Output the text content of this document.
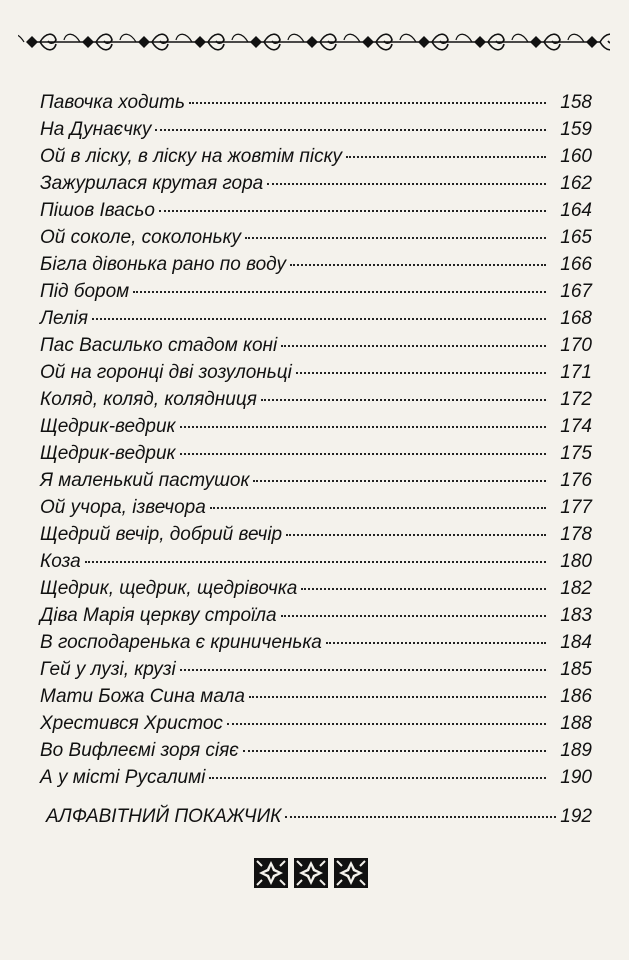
Павочка ходить	158
На Дунаєчку	159
Ой в ліску, в ліску на жовтім піску	160
Зажурилася крутая гора	162
Пішов Івасьо	164
Ой соколе, соколоньку	165
Бігла дівонька рано по воду	166
Під бором	167
Лелія	168
Пас Василько стадом коні	170
Ой на горонці дві зозулоньці	171
Коляд, коляд, колядниця	172
Щедрик-ведрик	174
Щедрик-ведрик	175
Я маленький пастушок	176
Ой учора, ізвечора	177
Щедрий вечір, добрий вечір	178
Коза	180
Щедрик, щедрик, щедрівочка	182
Діва Марія церкву строїла	183
В господаренька є криниченька	184
Гей у лузі, крузі	185
Мати Божа Сина мала	186
Хрестився Христос	188
Во Вифлеємі зоря сіяє	189
А у місті Русалимі	190
АЛФАВІТНИЙ ПОКАЖЧИК	192
